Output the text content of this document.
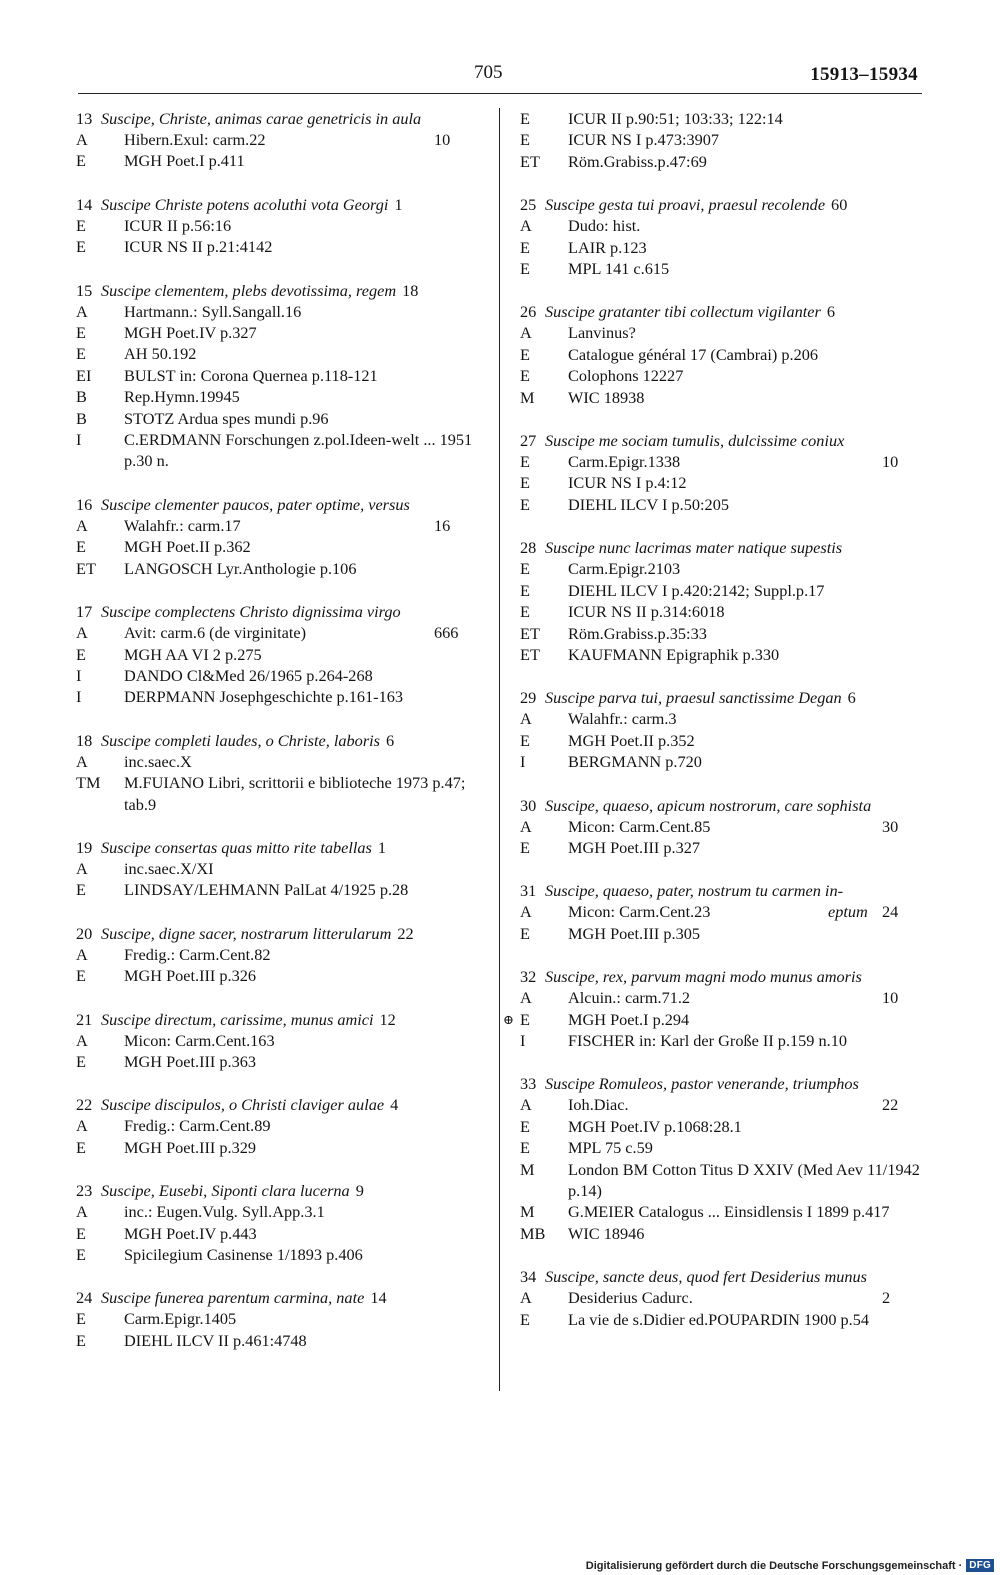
705	15913–15934
13 Suscipe, Christe, animas carae genetricis in aula
A	Hibern.Exul: carm.22	10
E	MGH Poet.I p.411
14 Suscipe Christe potens acoluthi vota Georgi 1
E	ICUR II p.56:16
E	ICUR NS II p.21:4142
15 Suscipe clementem, plebs devotissima, regem 18
A	Hartmann.: Syll.Sangall.16
E	MGH Poet.IV p.327
E	AH 50.192
EI	BULST in: Corona Quernea p.118-121
B	Rep.Hymn.19945
B	STOTZ Ardua spes mundi p.96
I	C.ERDMANN Forschungen z.pol.Ideen-welt ... 1951 p.30 n.
16 Suscipe clementer paucos, pater optime, versus
A	Walahfr.: carm.17	16
E	MGH Poet.II p.362
ET	LANGOSCH Lyr.Anthologie p.106
17 Suscipe complectens Christo dignissima virgo
A	Avit: carm.6 (de virginitate)	666
E	MGH AA VI 2 p.275
I	DANDO Cl&Med 26/1965 p.264-268
I	DERPMANN Josephgeschichte p.161-163
18 Suscipe completi laudes, o Christe, laboris 6
A	inc.saec.X
TM	M.FUIANO Libri, scrittorii e biblioteche 1973 p.47; tab.9
19 Suscipe consertas quas mitto rite tabellas 1
A	inc.saec.X/XI
E	LINDSAY/LEHMANN PalLat 4/1925 p.28
20 Suscipe, digne sacer, nostrarum litterularum 22
A	Fredig.: Carm.Cent.82
E	MGH Poet.III p.326
21 Suscipe directum, carissime, munus amici 12
A	Micon: Carm.Cent.163
E	MGH Poet.III p.363
22 Suscipe discipulos, o Christi claviger aulae 4
A	Fredig.: Carm.Cent.89
E	MGH Poet.III p.329
23 Suscipe, Eusebi, Siponti clara lucerna 9
A	inc.: Eugen.Vulg. Syll.App.3.1
E	MGH Poet.IV p.443
E	Spicilegium Casinense 1/1893 p.406
24 Suscipe funerea parentum carmina, nate 14
E	Carm.Epigr.1405
E	DIEHL ILCV II p.461:4748
E	ICUR II p.90:51; 103:33; 122:14
E	ICUR NS I p.473:3907
ET	Röm.Grabiss.p.47:69
25 Suscipe gesta tui proavi, praesul recolende 60
A	Dudo: hist.
E	LAIR p.123
E	MPL 141 c.615
26 Suscipe gratanter tibi collectum vigilanter 6
A	Lanvinus?
E	Catalogue général 17 (Cambrai) p.206
E	Colophons 12227
M	WIC 18938
27 Suscipe me sociam tumulis, dulcissime coniux
E	Carm.Epigr.1338	10
E	ICUR NS I p.4:12
E	DIEHL ILCV I p.50:205
28 Suscipe nunc lacrimas mater natique supestis
E	Carm.Epigr.2103
E	DIEHL ILCV I p.420:2142; Suppl.p.17
E	ICUR NS II p.314:6018
ET	Röm.Grabiss.p.35:33
ET	KAUFMANN Epigraphik p.330
29 Suscipe parva tui, praesul sanctissime Degan 6
A	Walahfr.: carm.3
E	MGH Poet.II p.352
I	BERGMANN p.720
30 Suscipe, quaeso, apicum nostrorum, care sophista
A	Micon: Carm.Cent.85	30
E	MGH Poet.III p.327
31 Suscipe, quaeso, pater, nostrum tu carmen in-
A	Micon: Carm.Cent.23	eptum 24
E	MGH Poet.III p.305
32 Suscipe, rex, parvum magni modo munus amoris
A	Alcuin.: carm.71.2	10
⊕ E	MGH Poet.I p.294
I	FISCHER in: Karl der Große II p.159 n.10
33 Suscipe Romuleos, pastor venerande, triumphos
A	Ioh.Diac.	22
E	MGH Poet.IV p.1068:28.1
E	MPL 75 c.59
M	London BM Cotton Titus D XXIV (Med Aev 11/1942 p.14)
M	G.MEIER Catalogus ... Einsidlensis I 1899 p.417
MB	WIC 18946
34 Suscipe, sancte deus, quod fert Desiderius munus
A	Desiderius Cadurc.	2
E	La vie de s.Didier ed.POUPARDIN 1900 p.54
Digitalisierung gefördert durch die Deutsche Forschungsgemeinschaft · DFG
